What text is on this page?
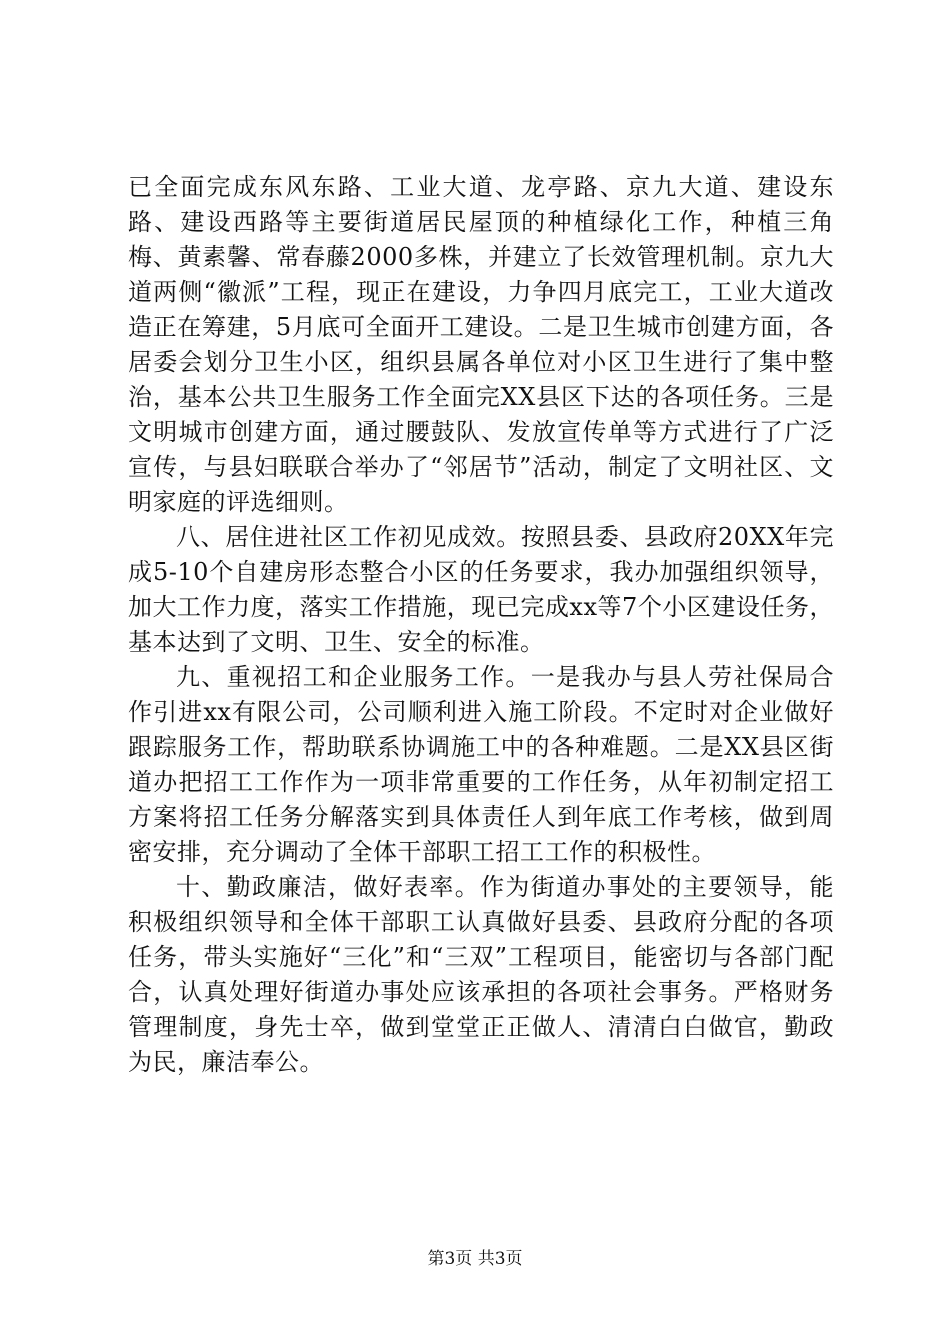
已全面完成东风东路、工业大道、龙亭路、京九大道、建设东路、建设西路等主要街道居民屋顶的种植绿化工作，种植三角梅、黄素馨、常春藤2000多株，并建立了长效管理机制。京九大道两侧“徽派”工程，现正在建设，力争四月底完工，工业大道改造正在筹建，5月底可全面开工建设。二是卫生城市创建方面，各居委会划分卫生小区，组织县属各单位对小区卫生进行了集中整治，基本公共卫生服务工作全面完XX县区下达的各项任务。三是文明城市创建方面，通过腰鼓队、发放宣传单等方式进行了广泛宣传，与县妇联联合举办了“邻居节”活动，制定了文明社区、文明家庭的评选细则。

八、居住进社区工作初见成效。按照县委、县政府20XX年完成5-10个自建房形态整合小区的任务要求，我办加强组织领导，加大工作力度，落实工作措施，现已完成xx等7个小区建设任务，基本达到了文明、卫生、安全的标准。

九、重视招工和企业服务工作。一是我办与县人劳社保局合作引进xx有限公司，公司顺利进入施工阶段。不定时对企业做好跟踪服务工作，帮助联系协调施工中的各种难题。二是XX县区街道办把招工工作作为一项非常重要的工作任务，从年初制定招工方案将招工任务分解落实到具体责任人到年底工作考核，做到周密安排，充分调动了全体干部职工招工工作的积极性。

十、勤政廉洁，做好表率。作为街道办事处的主要领导，能积极组织领导和全体干部职工认真做好县委、县政府分配的各项任务，带头实施好“三化”和“三双”工程项目，能密切与各部门配合，认真处理好街道办事处应该承担的各项社会事务。严格财务管理制度，身先士卒，做到堂堂正正做人、清清白白做官，勤政为民，廉洁奉公。

第3页 共3页
